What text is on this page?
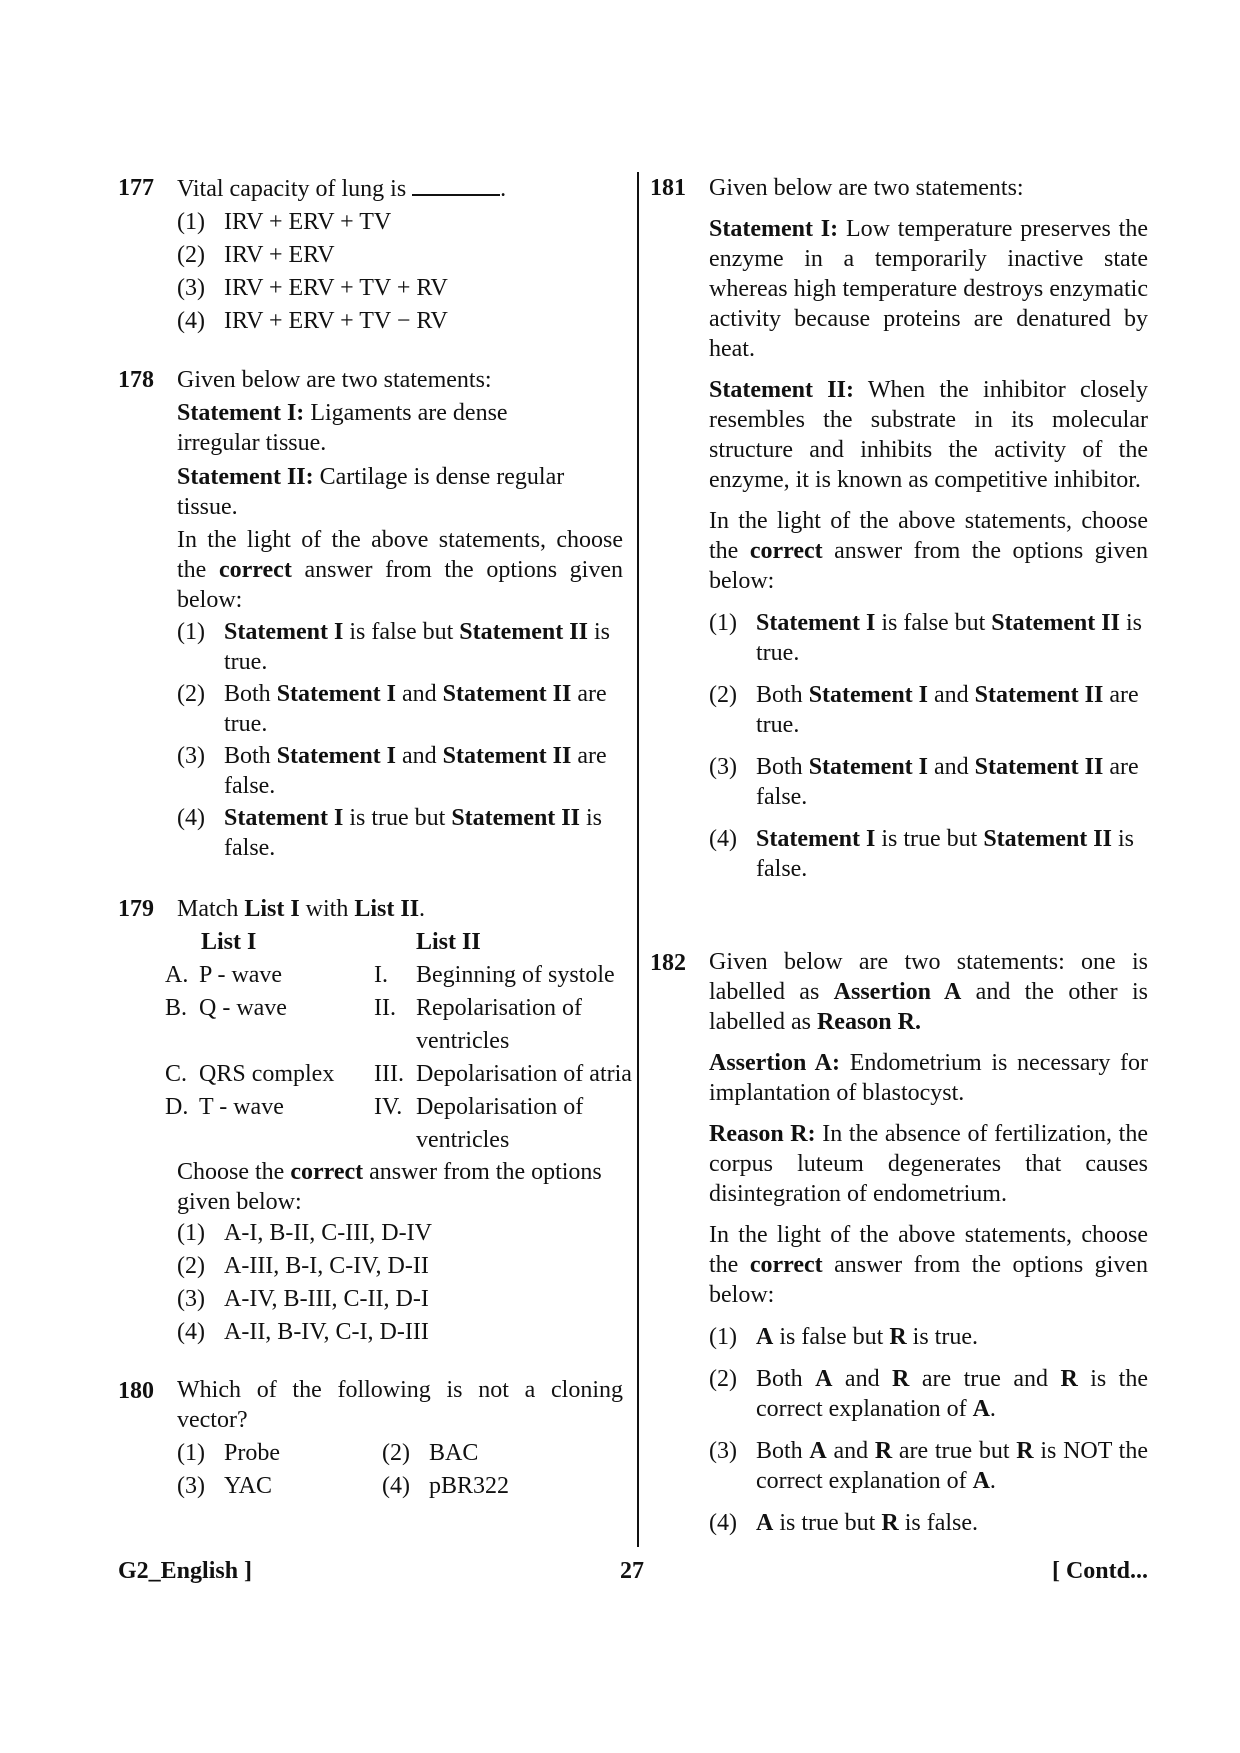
177 Vital capacity of lung is	.

(1) IRV + ERV + TV
(2) IRV + ERV
(3) IRV + ERV + TV + RV
(4) IRV + ERV + TV − RV
178 Given below are two statements:

Statement I: Ligaments are dense irregular tissue.

Statement II: Cartilage is dense regular tissue.

In the light of the above statements, choose the correct answer from the options given below:

(1) Statement I is false but Statement II is true.
(2) Both Statement I and Statement II are true.
(3) Both Statement I and Statement II are false.
(4) Statement I is true but Statement II is false.
179 Match List I with List II.

List I	List II
A. P - wave	I.	Beginning of systole
B. Q - wave	II. Repolarisation of ventricles
C. QRS complex	III. Depolarisation of atria
D. T - wave	IV. Depolarisation of ventricles

Choose the correct answer from the options given below:

(1) A-I, B-II, C-III, D-IV
(2) A-III, B-I, C-IV, D-II
(3) A-IV, B-III, C-II, D-I
(4) A-II, B-IV, C-I, D-III
180 Which of the following is not a cloning vector?

(1) Probe	(2) BAC
(3) YAC	(4) pBR322
181 Given below are two statements:

Statement I: Low temperature preserves the enzyme in a temporarily inactive state whereas high temperature destroys enzymatic activity because proteins are denatured by heat.

Statement II: When the inhibitor closely resembles the substrate in its molecular structure and inhibits the activity of the enzyme, it is known as competitive inhibitor.

In the light of the above statements, choose the correct answer from the options given below:

(1) Statement I is false but Statement II is true.
(2) Both Statement I and Statement II are true.
(3) Both Statement I and Statement II are false.
(4) Statement I is true but Statement II is false.
182 Given below are two statements: one is labelled as Assertion A and the other is labelled as Reason R.

Assertion A: Endometrium is necessary for implantation of blastocyst.

Reason R: In the absence of fertilization, the corpus luteum degenerates that causes disintegration of endometrium.

In the light of the above statements, choose the correct answer from the options given below:

(1) A is false but R is true.
(2) Both A and R are true and R is the correct explanation of A.
(3) Both A and R are true but R is NOT the correct explanation of A.
(4) A is true but R is false.
G2_English ]	27	[ Contd...
